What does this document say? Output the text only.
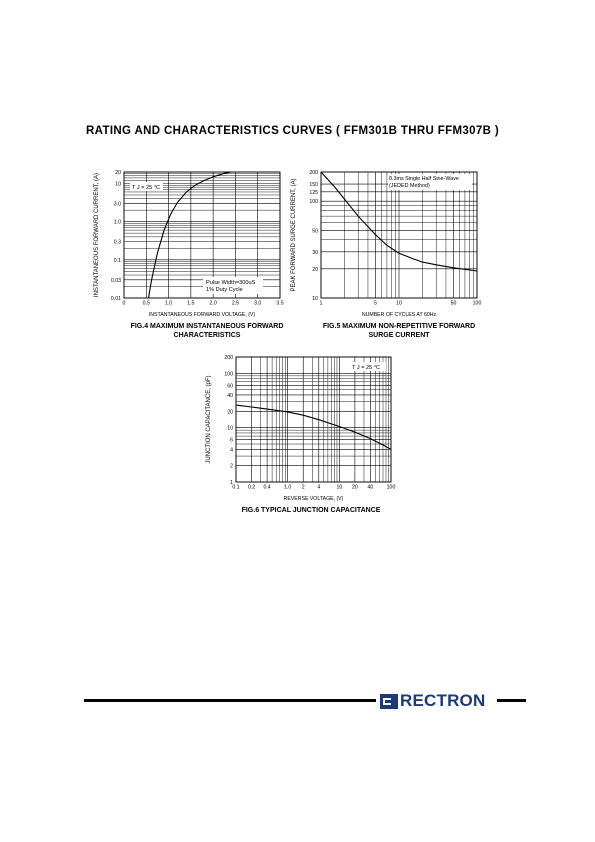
RATING AND CHARACTERISTICS CURVES ( FFM301B THRU FFM307B )
0	0.5	1.0	1.5	2.0	2.5	3.0	3.5
20
10
3.0
1.0
0.3
0.1
0.03
0.01
INSTANTANEOUS FORWARD VOLTAGE, (V)
INSTANTANEOUS FORWARD CURRENT, (A)
1	5	10	50	100
200
150
125
100
50
30
20
10
NUMBER OF CYCLES AT 60Hz
PEAK FORWARD SURGE CURRENT, (A)
0.1 0.2 0.4	1.0 2 4	10 20 40	100
200
100
60
40
20
10
6
4
2
1
REVERSE VOLTAGE, (V)
JUNCTION CAPACITANCE, (pF)
T J = 25 °C
Pulse Width=300uS
1% Duty Cycle
8.3ms Single Half Sine-Wave
(JEDED Method)
T J = 25 °C
FIG.4 MAXIMUM INSTANTANEOUS FORWARD
CHARACTERISTICS
FIG.5 MAXIMUM NON-REPETITIVE FORWARD
SURGE CURRENT
FIG.6 TYPICAL JUNCTION CAPACITANCE
RECTRON
